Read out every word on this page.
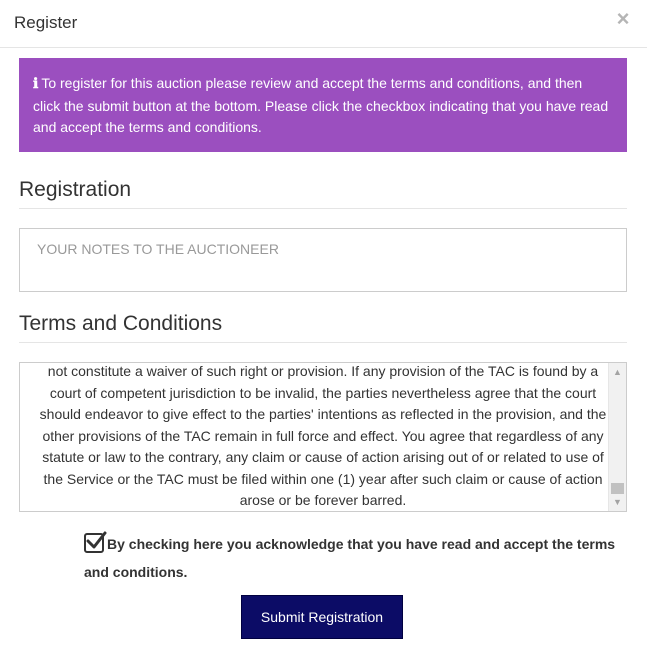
Register	×
ℹ To register for this auction please review and accept the terms and conditions, and then click the submit button at the bottom. Please click the checkbox indicating that you have read and accept the terms and conditions.
Registration
YOUR NOTES TO THE AUCTIONEER
Terms and Conditions
not constitute a waiver of such right or provision. If any provision of the TAC is found by a court of competent jurisdiction to be invalid, the parties nevertheless agree that the court should endeavor to give effect to the parties' intentions as reflected in the provision, and the other provisions of the TAC remain in full force and effect. You agree that regardless of any statute or law to the contrary, any claim or cause of action arising out of or related to use of the Service or the TAC must be filed within one (1) year after such claim or cause of action arose or be forever barred.
▲
▼
By checking here you acknowledge that you have read and accept the terms and conditions.
Submit Registration
